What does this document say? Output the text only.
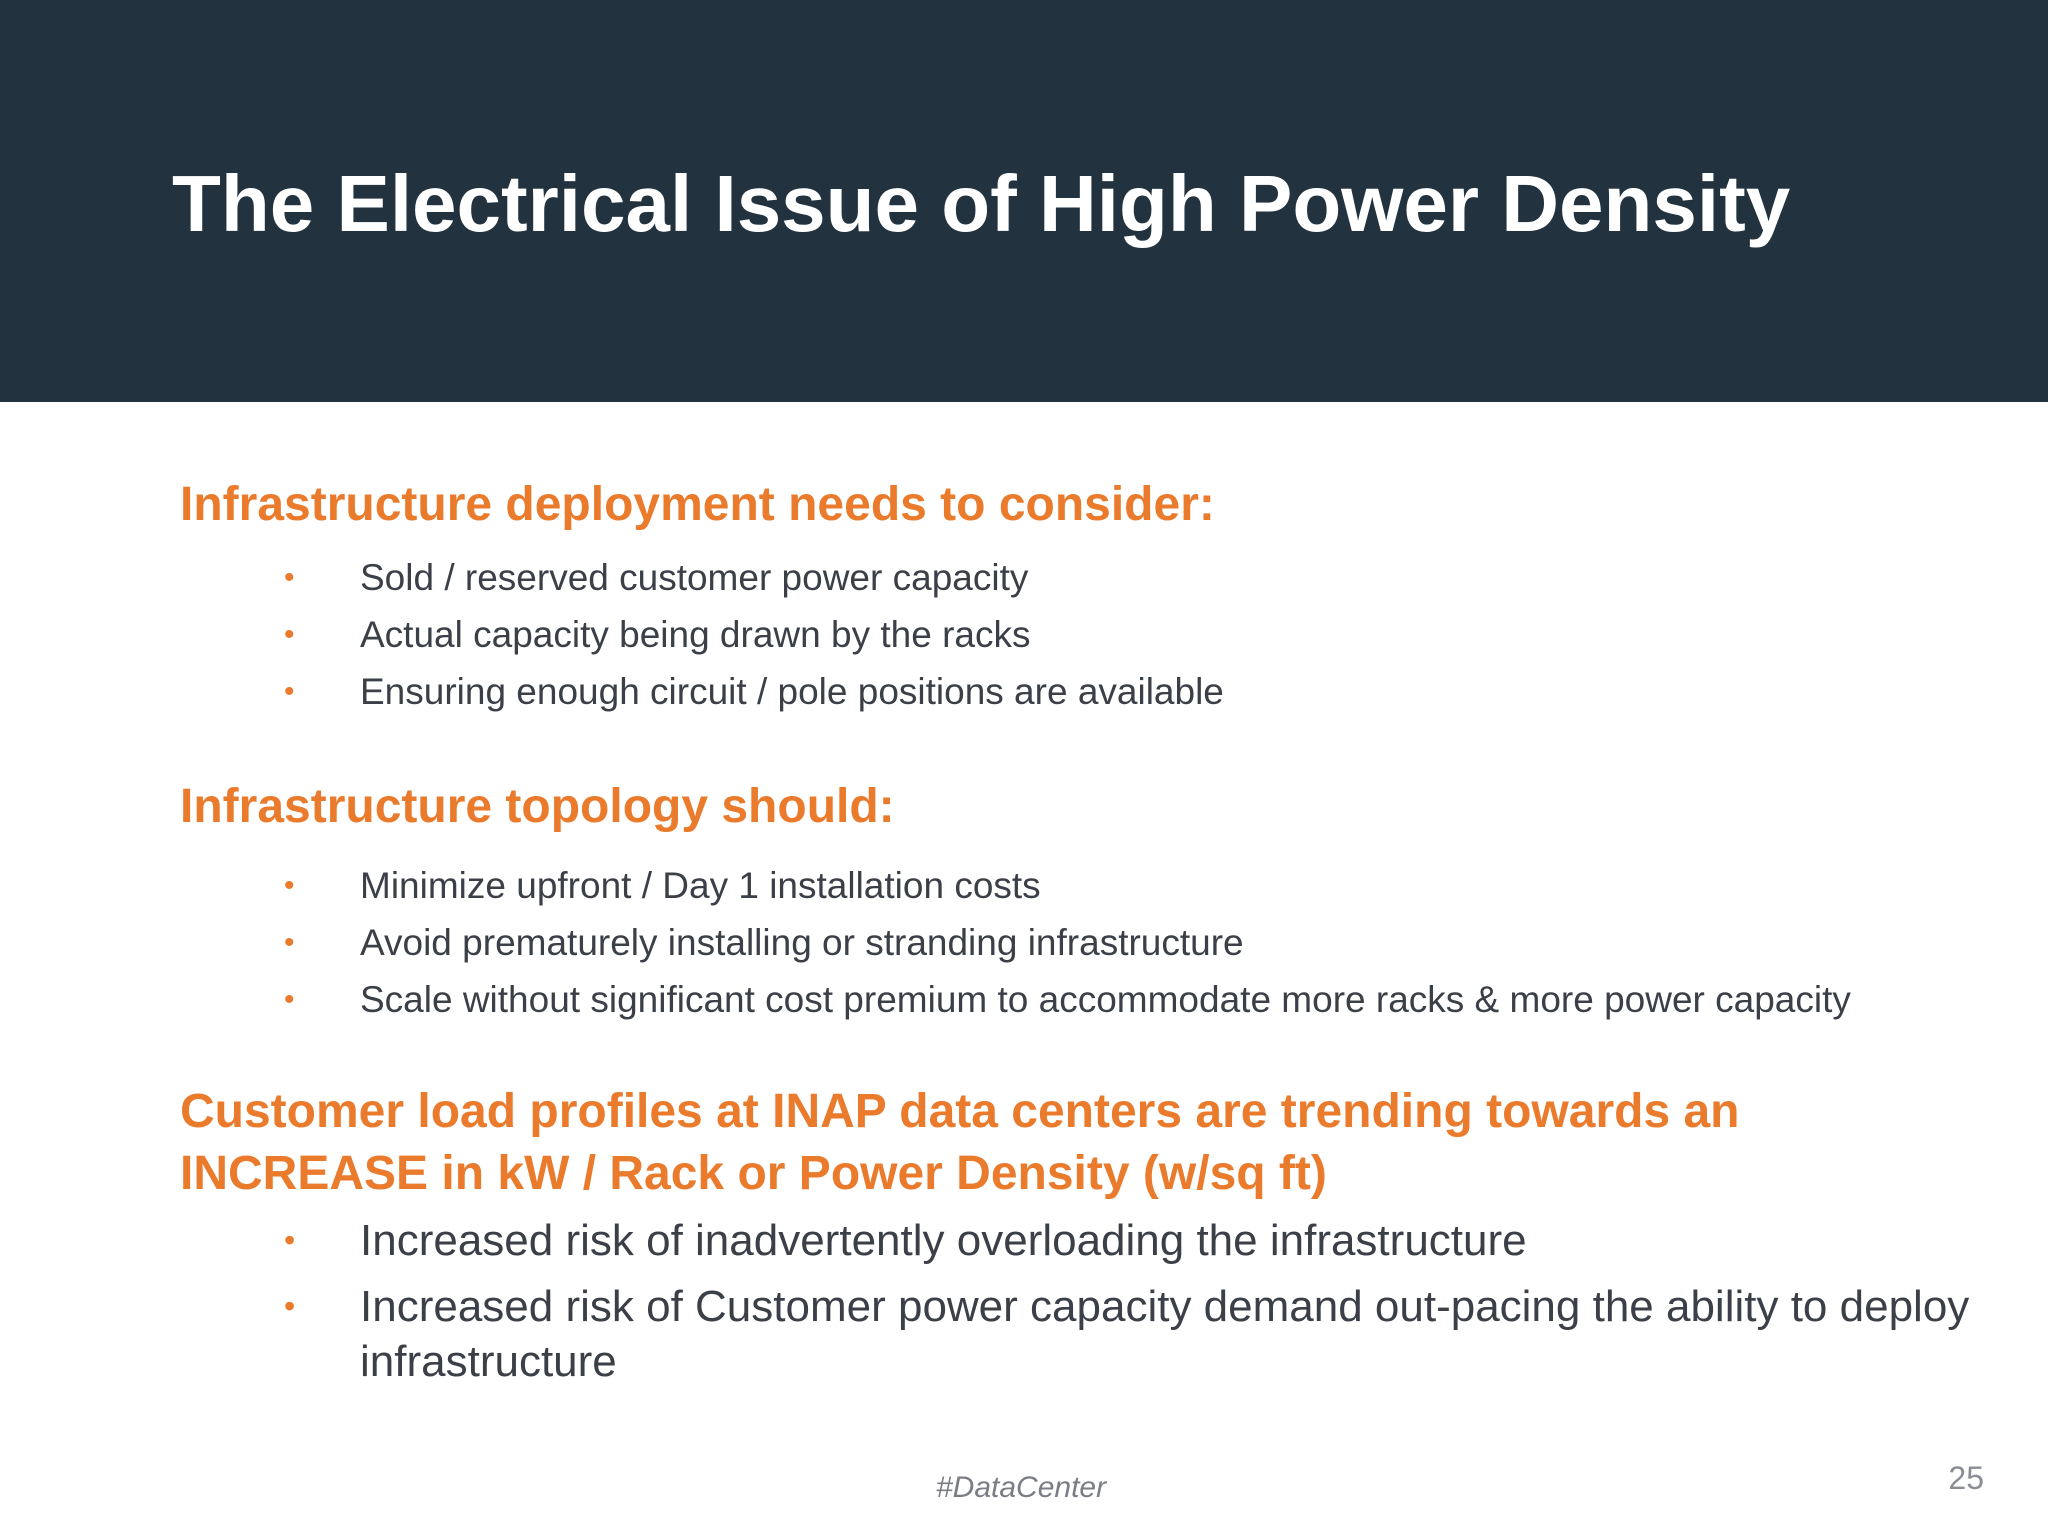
The Electrical Issue of High Power Density
Infrastructure deployment needs to consider:
• Sold / reserved customer power capacity
• Actual capacity being drawn by the racks
• Ensuring enough circuit / pole positions are available
Infrastructure topology should:
• Minimize upfront / Day 1 installation costs
• Avoid prematurely installing or stranding infrastructure
• Scale without significant cost premium to accommodate more racks & more power capacity
Customer load profiles at INAP data centers are trending towards an INCREASE in kW / Rack or Power Density (w/sq ft)
• Increased risk of inadvertently overloading the infrastructure
• Increased risk of Customer power capacity demand out-pacing the ability to deploy infrastructure
#DataCenter	25
